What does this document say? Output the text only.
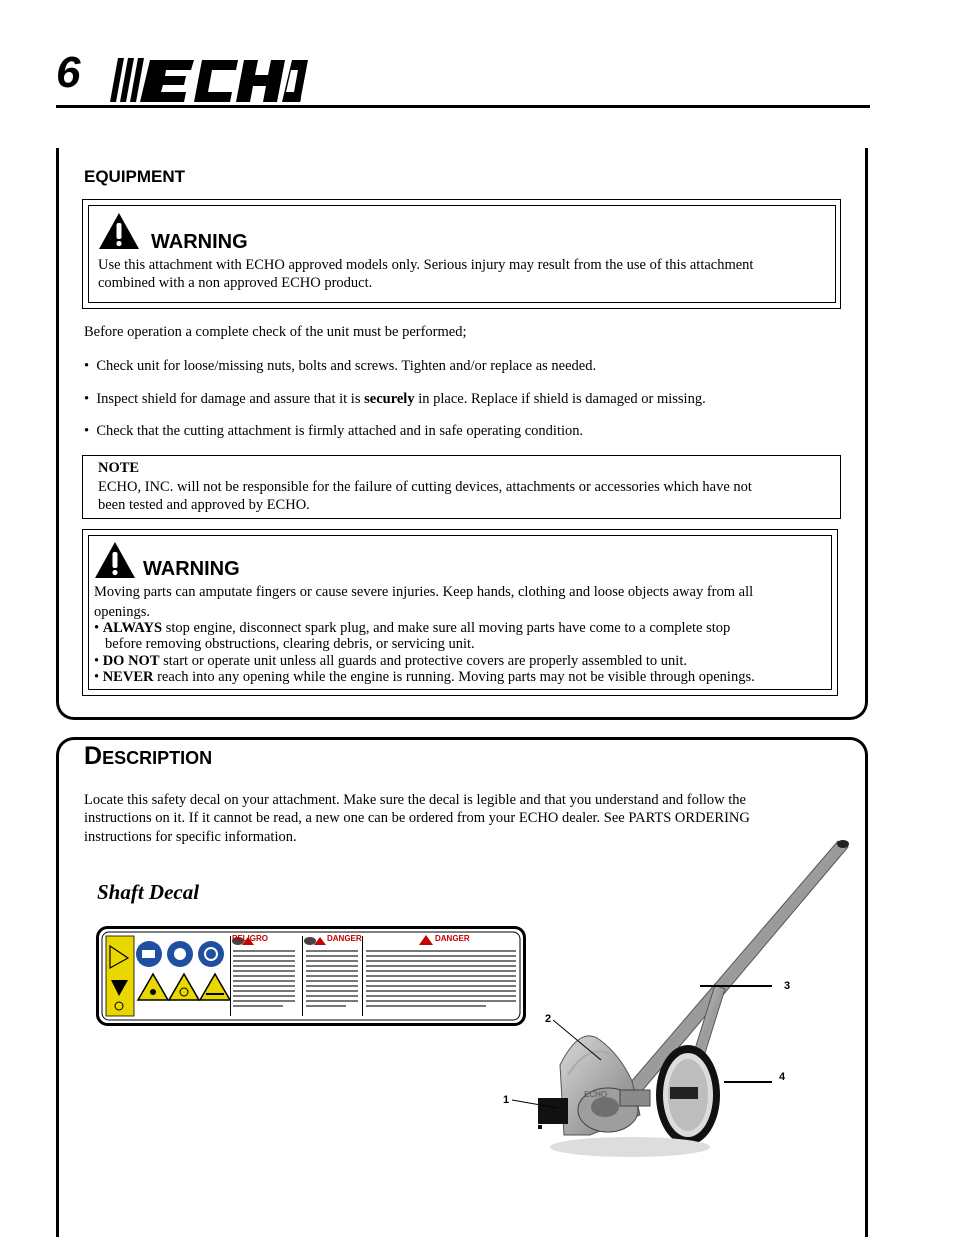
6
®
EQUIPMENT
WARNING
Use this attachment with ECHO approved models only. Serious injury may result from the use of this attachment
combined with a non approved ECHO product.
Before operation a complete check of the unit must be performed;
•  Check unit for loose/missing nuts, bolts and screws. Tighten and/or replace as needed.
•  Inspect shield for damage and assure that it is securely in place. Replace if shield is damaged or missing.
•  Check that the cutting attachment is firmly attached and in safe operating condition.
NOTE
ECHO, INC. will not be responsible for the failure of cutting devices, attachments or accessories which have not
been tested and approved by ECHO.
WARNING
Moving parts can amputate fingers or cause severe injuries. Keep hands, clothing and loose objects away from all
openings.
• ALWAYS stop engine, disconnect spark plug, and make sure all moving parts have come to a complete stop
before removing obstructions, clearing debris, or servicing unit.
• DO NOT start or operate unit unless all guards and protective covers are properly assembled to unit.
• NEVER reach into any opening while the engine is running. Moving parts may not be visible through openings.
DESCRIPTION
Locate this safety decal on your attachment. Make sure the decal is legible and that you understand and follow the
instructions on it. If it cannot be read, a new one can be ordered from your ECHO dealer. See PARTS ORDERING
instructions for specific information.
Shaft Decal
PELIGRO	DANGER	DANGER
ECHO
2
3
4
1
